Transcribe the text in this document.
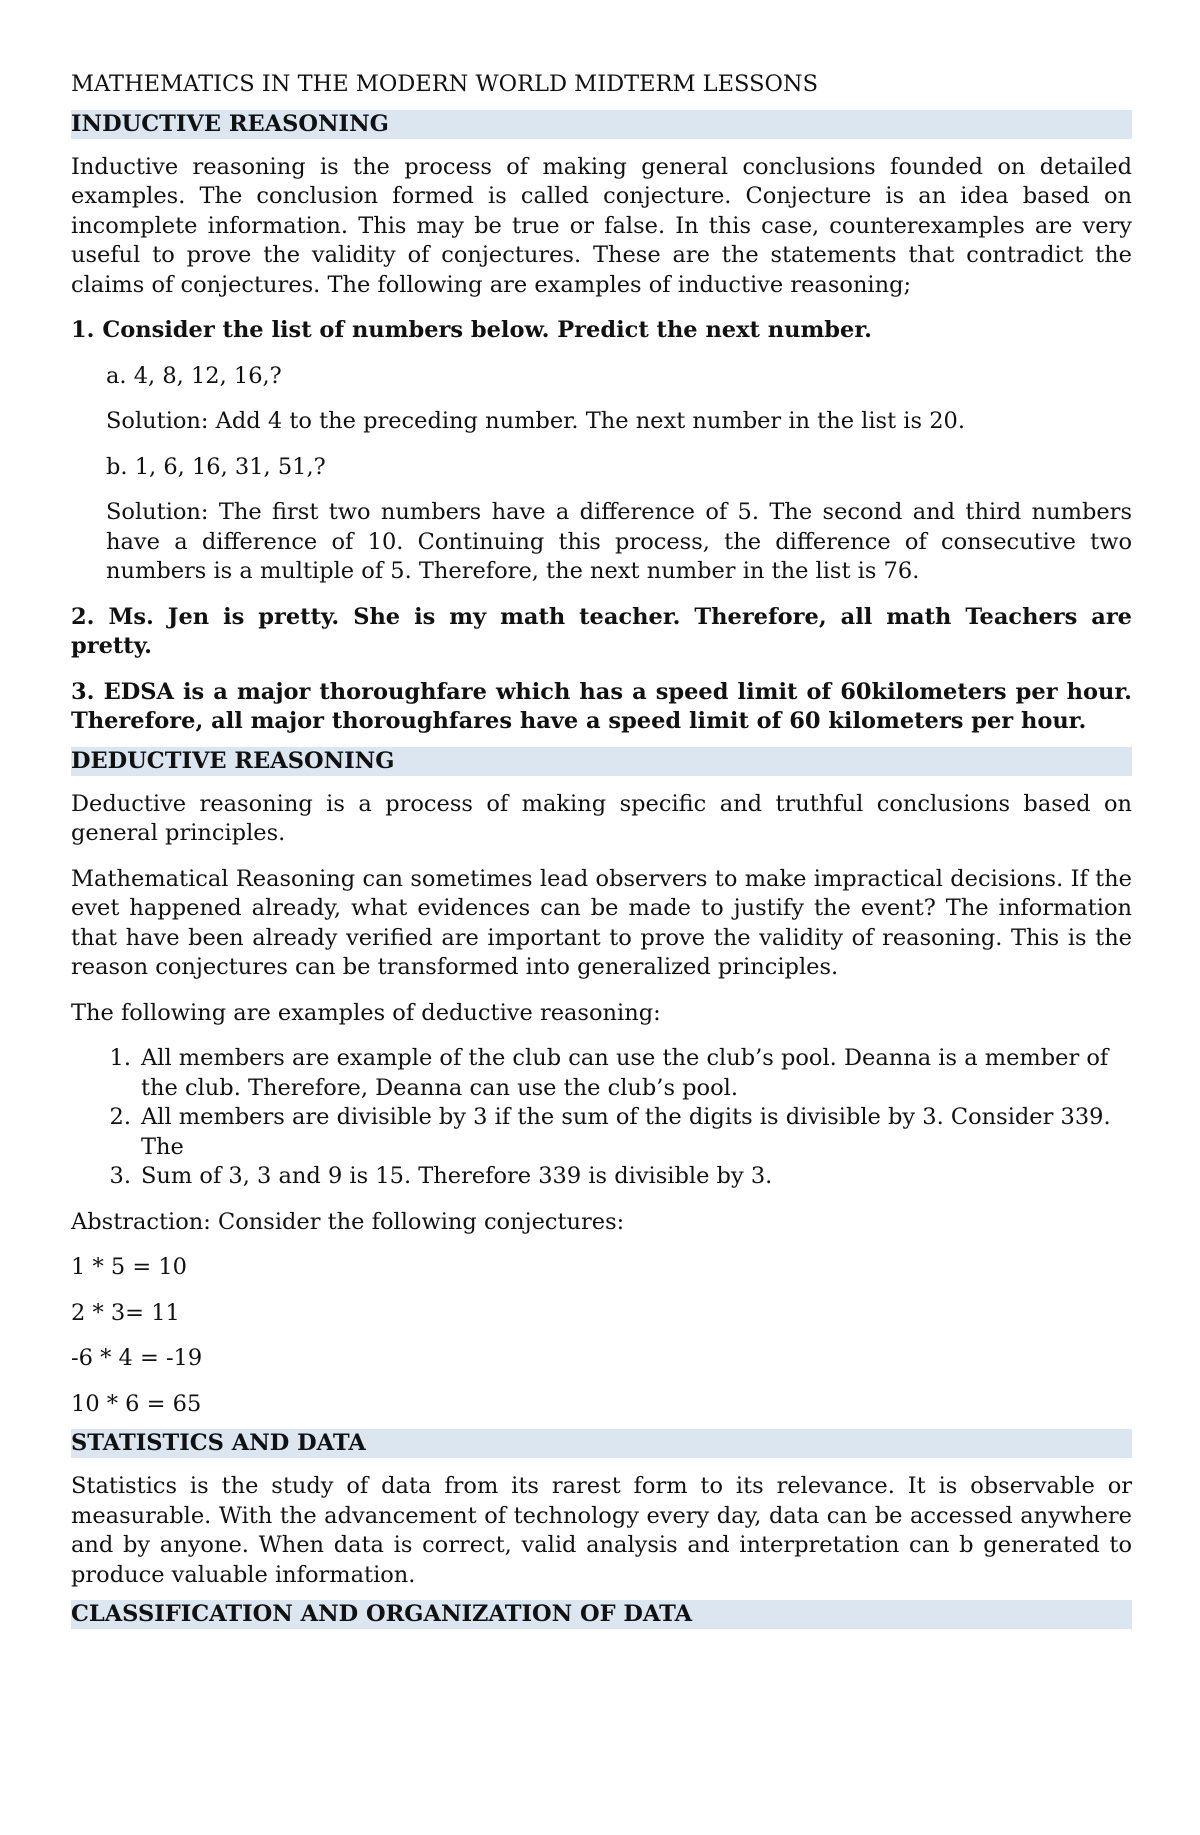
MATHEMATICS IN THE MODERN WORLD MIDTERM LESSONS
INDUCTIVE REASONING

Inductive reasoning is the process of making general conclusions founded on detailed examples. The conclusion formed is called conjecture. Conjecture is an idea based on incomplete information. This may be true or false. In this case, counterexamples are very useful to prove the validity of conjectures. These are the statements that contradict the claims of conjectures. The following are examples of inductive reasoning;

1. Consider the list of numbers below. Predict the next number.

a. 4, 8, 12, 16,?

Solution: Add 4 to the preceding number. The next number in the list is 20.

b. 1, 6, 16, 31, 51,?

Solution: The first two numbers have a difference of 5. The second and third numbers have a difference of 10. Continuing this process, the difference of consecutive two numbers is a multiple of 5. Therefore, the next number in the list is 76.

2. Ms. Jen is pretty. She is my math teacher. Therefore, all math Teachers are pretty.

3. EDSA is a major thoroughfare which has a speed limit of 60kilometers per hour. Therefore, all major thoroughfares have a speed limit of 60 kilometers per hour.

DEDUCTIVE REASONING

Deductive reasoning is a process of making specific and truthful conclusions based on general principles.

Mathematical Reasoning can sometimes lead observers to make impractical decisions. If the evet happened already, what evidences can be made to justify the event? The information that have been already verified are important to prove the validity of reasoning. This is the reason conjectures can be transformed into generalized principles.

The following are examples of deductive reasoning:

1. All members are example of the club can use the club’s pool. Deanna is a member of the club. Therefore, Deanna can use the club’s pool.
2. All members are divisible by 3 if the sum of the digits is divisible by 3. Consider 339. The
3. Sum of 3, 3 and 9 is 15. Therefore 339 is divisible by 3.

Abstraction: Consider the following conjectures:

1 * 5 = 10

2 * 3= 11

-6 * 4 = -19

10 * 6 = 65

STATISTICS AND DATA

Statistics is the study of data from its rarest form to its relevance. It is observable or measurable. With the advancement of technology every day, data can be accessed anywhere and by anyone. When data is correct, valid analysis and interpretation can b generated to produce valuable information.

CLASSIFICATION AND ORGANIZATION OF DATA
